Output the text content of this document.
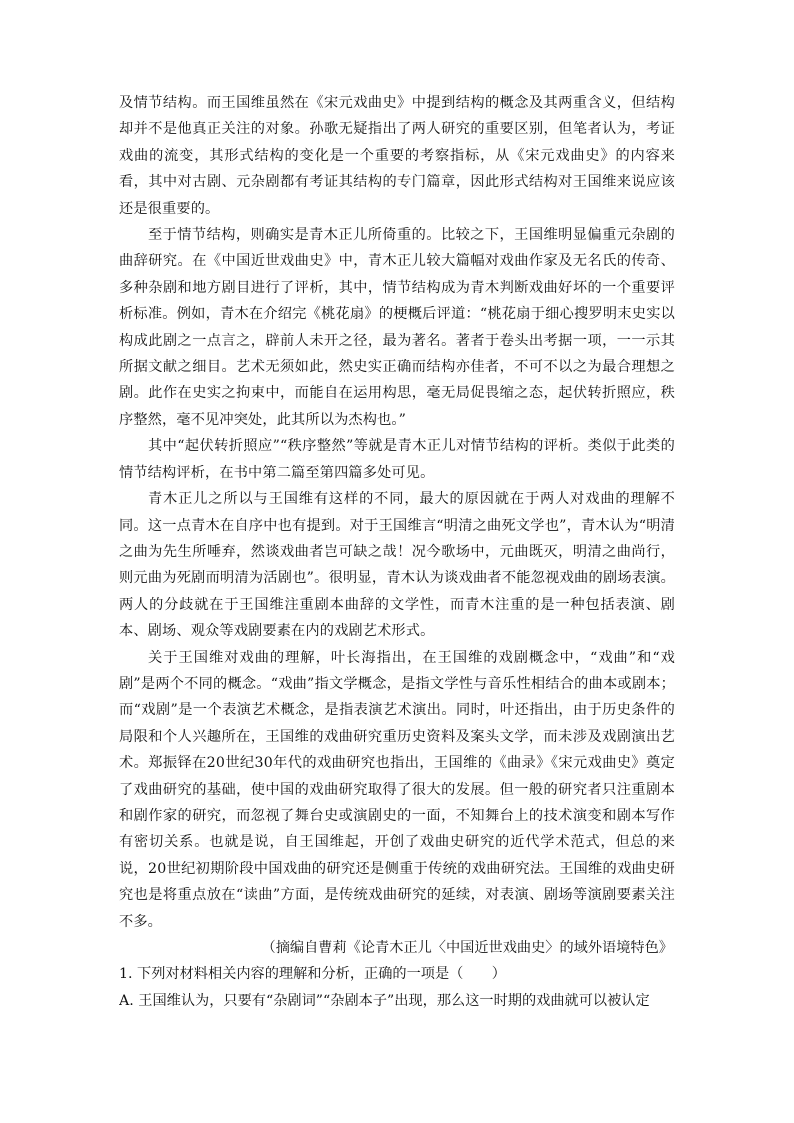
及情节结构。而王国维虽然在《宋元戏曲史》中提到结构的概念及其两重含义，但结构却并不是他真正关注的对象。孙歌无疑指出了两人研究的重要区别，但笔者认为，考证戏曲的流变，其形式结构的变化是一个重要的考察指标，从《宋元戏曲史》的内容来看，其中对古剧、元杂剧都有考证其结构的专门篇章，因此形式结构对王国维来说应该还是很重要的。

至于情节结构，则确实是青木正儿所倚重的。比较之下，王国维明显偏重元杂剧的曲辞研究。在《中国近世戏曲史》中，青木正儿较大篇幅对戏曲作家及无名氏的传奇、多种杂剧和地方剧目进行了评析，其中，情节结构成为青木判断戏曲好坏的一个重要评析标准。例如，青木在介绍完《桃花扇》的梗概后评道：“桃花扇于细心搜罗明末史实以构成此剧之一点言之，辟前人未开之径，最为著名。著者于卷头出考据一项，一一示其所据文献之细目。艺术无须如此，然史实正确而结构亦佳者，不可不以之为最合理想之剧。此作在史实之拘束中，而能自在运用构思，毫无局促畏缩之态，起伏转折照应，秩序整然，毫不见冲突处，此其所以为杰构也。”

其中“起伏转折照应”“秩序整然”等就是青木正儿对情节结构的评析。类似于此类的情节结构评析，在书中第二篇至第四篇多处可见。

青木正儿之所以与王国维有这样的不同，最大的原因就在于两人对戏曲的理解不同。这一点青木在自序中也有提到。对于王国维言“明清之曲死文学也”，青木认为“明清之曲为先生所唾弃，然谈戏曲者岂可缺之哉！况今歌场中，元曲既灭，明清之曲尚行，则元曲为死剧而明清为活剧也”。很明显，青木认为谈戏曲者不能忽视戏曲的剧场表演。两人的分歧就在于王国维注重剧本曲辞的文学性，而青木注重的是一种包括表演、剧本、剧场、观众等戏剧要素在内的戏剧艺术形式。

关于王国维对戏曲的理解，叶长海指出，在王国维的戏剧概念中，“戏曲”和“戏剧”是两个不同的概念。“戏曲”指文学概念，是指文学性与音乐性相结合的曲本或剧本；而“戏剧”是一个表演艺术概念，是指表演艺术演出。同时，叶还指出，由于历史条件的局限和个人兴趣所在，王国维的戏曲研究重历史资料及案头文学，而未涉及戏剧演出艺术。郑振铎在20世纪30年代的戏曲研究也指出，王国维的《曲录》《宋元戏曲史》奠定了戏曲研究的基础，使中国的戏曲研究取得了很大的发展。但一般的研究者只注重剧本和剧作家的研究，而忽视了舞台史或演剧史的一面，不知舞台上的技术演变和剧本写作有密切关系。也就是说，自王国维起，开创了戏曲史研究的近代学术范式，但总的来说，20世纪初期阶段中国戏曲的研究还是侧重于传统的戏曲研究法。王国维的戏曲史研究也是将重点放在“读曲”方面，是传统戏曲研究的延续，对表演、剧场等演剧要素关注不多。

（摘编自曹莉《论青木正儿〈中国近世戏曲史〉的域外语境特色》

1. 下列对材料相关内容的理解和分析，正确的一项是（　　）

A. 王国维认为，只要有“杂剧词”“杂剧本子”出现，那么这一时期的戏曲就可以被认定
